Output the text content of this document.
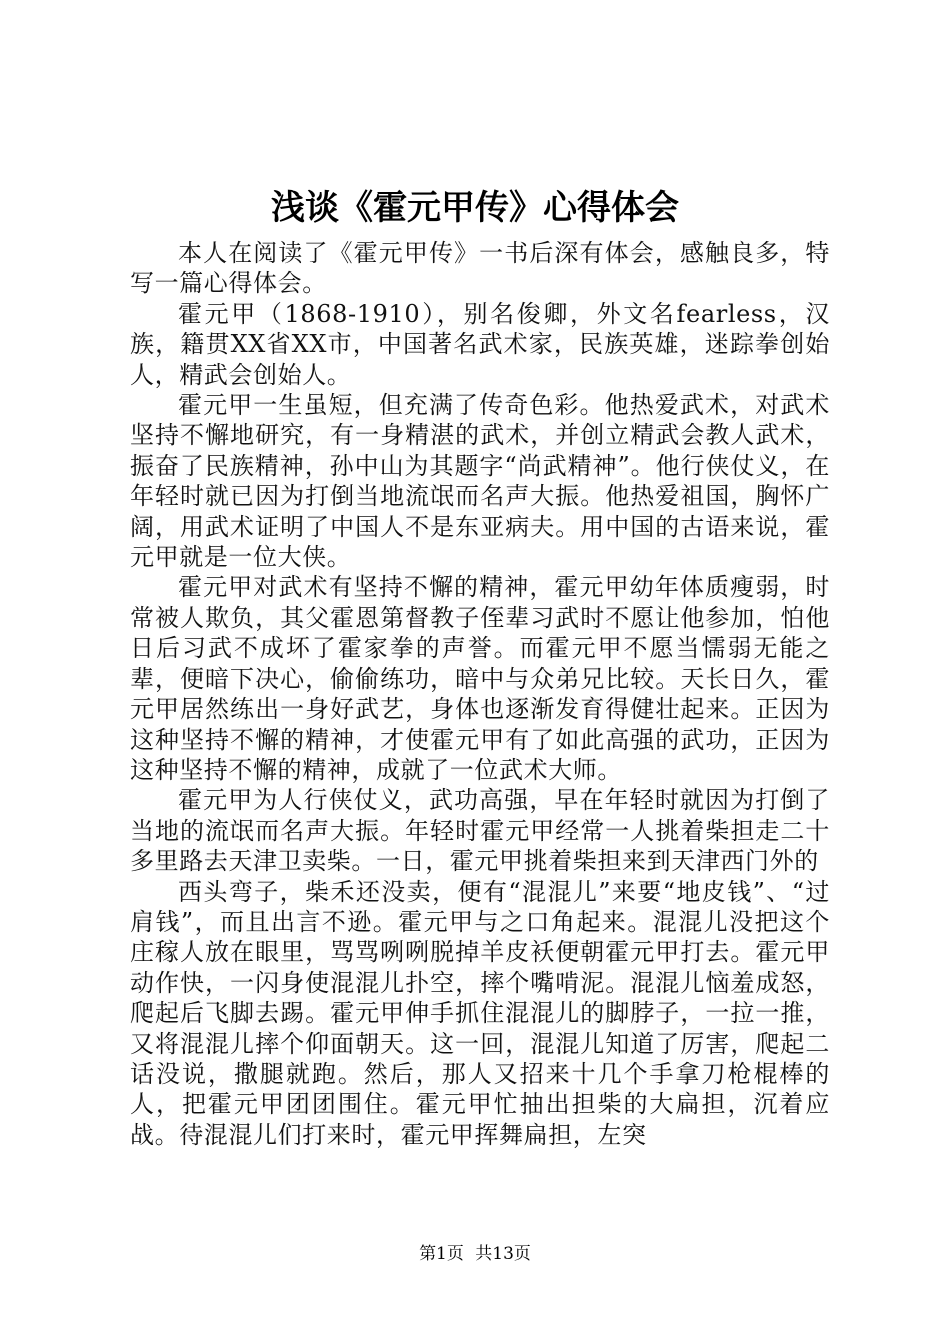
浅谈《霍元甲传》心得体会

本人在阅读了《霍元甲传》一书后深有体会，感触良多，特写一篇心得体会。

霍元甲（1868-1910），别名俊卿，外文名fearless，汉族，籍贯XX省XX市，中国著名武术家，民族英雄，迷踪拳创始人，精武会创始人。

霍元甲一生虽短，但充满了传奇色彩。他热爱武术，对武术坚持不懈地研究，有一身精湛的武术，并创立精武会教人武术，振奋了民族精神，孙中山为其题字“尚武精神”。他行侠仗义，在年轻时就已因为打倒当地流氓而名声大振。他热爱祖国，胸怀广阔，用武术证明了中国人不是东亚病夫。用中国的古语来说，霍元甲就是一位大侠。

霍元甲对武术有坚持不懈的精神，霍元甲幼年体质瘦弱，时常被人欺负，其父霍恩第督教子侄辈习武时不愿让他参加，怕他日后习武不成坏了霍家拳的声誉。而霍元甲不愿当懦弱无能之辈，便暗下决心，偷偷练功，暗中与众弟兄比较。天长日久，霍元甲居然练出一身好武艺，身体也逐渐发育得健壮起来。正因为这种坚持不懈的精神，才使霍元甲有了如此高强的武功，正因为这种坚持不懈的精神，成就了一位武术大师。

霍元甲为人行侠仗义，武功高强，早在年轻时就因为打倒了当地的流氓而名声大振。年轻时霍元甲经常一人挑着柴担走二十多里路去天津卫卖柴。一日，霍元甲挑着柴担来到天津西门外的

西头弯子，柴禾还没卖，便有“混混儿”来要“地皮钱”、“过肩钱”，而且出言不逊。霍元甲与之口角起来。混混儿没把这个庄稼人放在眼里，骂骂咧咧脱掉羊皮袄便朝霍元甲打去。霍元甲动作快，一闪身使混混儿扑空，摔个嘴啃泥。混混儿恼羞成怒，爬起后飞脚去踢。霍元甲伸手抓住混混儿的脚脖子，一拉一推，又将混混儿摔个仰面朝天。这一回，混混儿知道了厉害，爬起二话没说，撒腿就跑。然后，那人又招来十几个手拿刀枪棍棒的人，把霍元甲团团围住。霍元甲忙抽出担柴的大扁担，沉着应战。待混混儿们打来时，霍元甲挥舞扁担，左突

第1页 共13页
